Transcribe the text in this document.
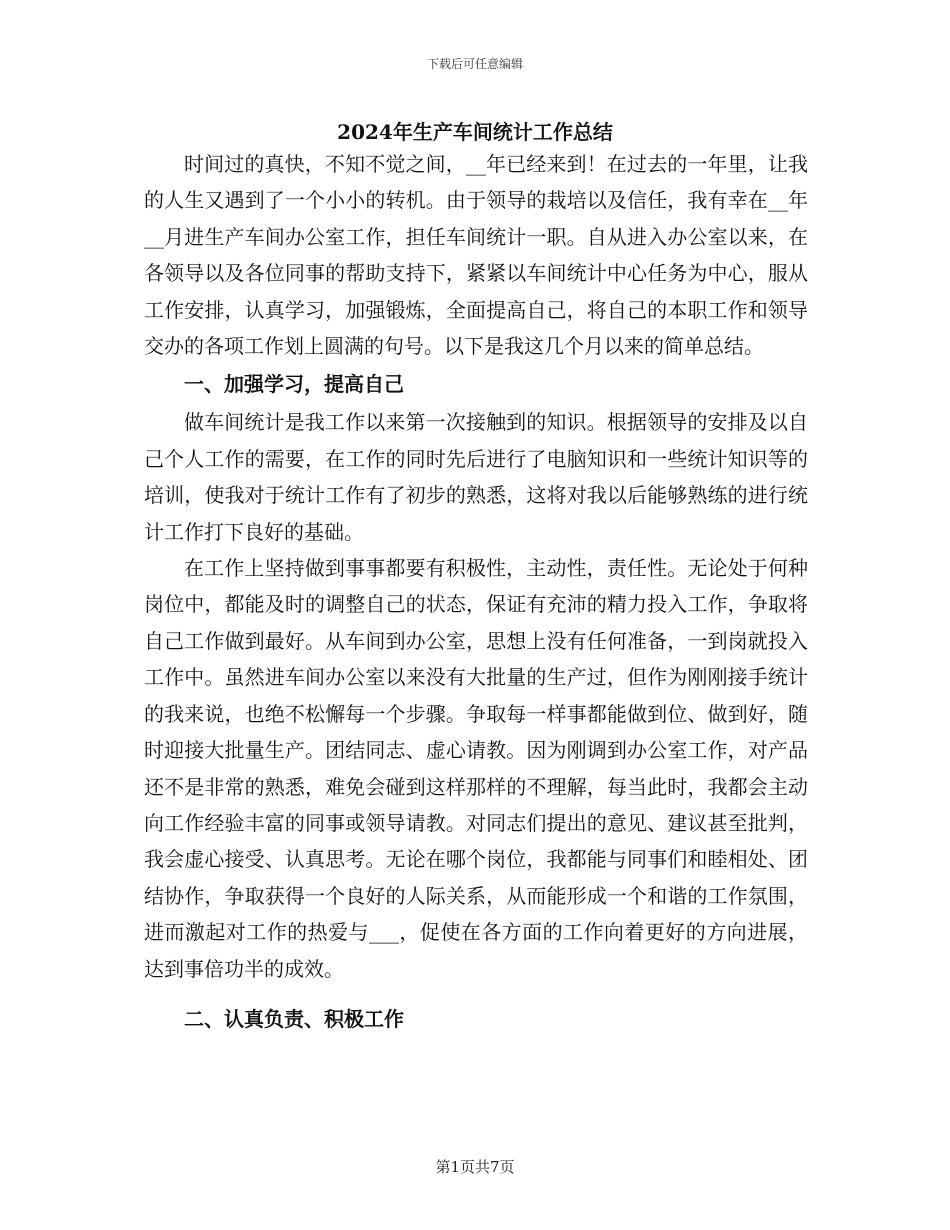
下载后可任意编辑
2024年生产车间统计工作总结

时间过的真快，不知不觉之间，__年已经来到！在过去的一年里，让我的人生又遇到了一个小小的转机。由于领导的栽培以及信任，我有幸在__年__月进生产车间办公室工作，担任车间统计一职。自从进入办公室以来，在各领导以及各位同事的帮助支持下，紧紧以车间统计中心任务为中心，服从工作安排，认真学习，加强锻炼，全面提高自己，将自己的本职工作和领导交办的各项工作划上圆满的句号。以下是我这几个月以来的简单总结。

一、加强学习，提高自己

做车间统计是我工作以来第一次接触到的知识。根据领导的安排及以自己个人工作的需要，在工作的同时先后进行了电脑知识和一些统计知识等的培训，使我对于统计工作有了初步的熟悉，这将对我以后能够熟练的进行统计工作打下良好的基础。

在工作上坚持做到事事都要有积极性，主动性，责任性。无论处于何种岗位中，都能及时的调整自己的状态，保证有充沛的精力投入工作，争取将自己工作做到最好。从车间到办公室，思想上没有任何准备，一到岗就投入工作中。虽然进车间办公室以来没有大批量的生产过，但作为刚刚接手统计的我来说，也绝不松懈每一个步骤。争取每一样事都能做到位、做到好，随时迎接大批量生产。团结同志、虚心请教。因为刚调到办公室工作，对产品还不是非常的熟悉，难免会碰到这样那样的不理解，每当此时，我都会主动向工作经验丰富的同事或领导请教。对同志们提出的意见、建议甚至批判，我会虚心接受、认真思考。无论在哪个岗位，我都能与同事们和睦相处、团结协作，争取获得一个良好的人际关系，从而能形成一个和谐的工作氛围，进而激起对工作的热爱与___，促使在各方面的工作向着更好的方向进展，达到事倍功半的成效。

二、认真负责、积极工作

第1页共7页
